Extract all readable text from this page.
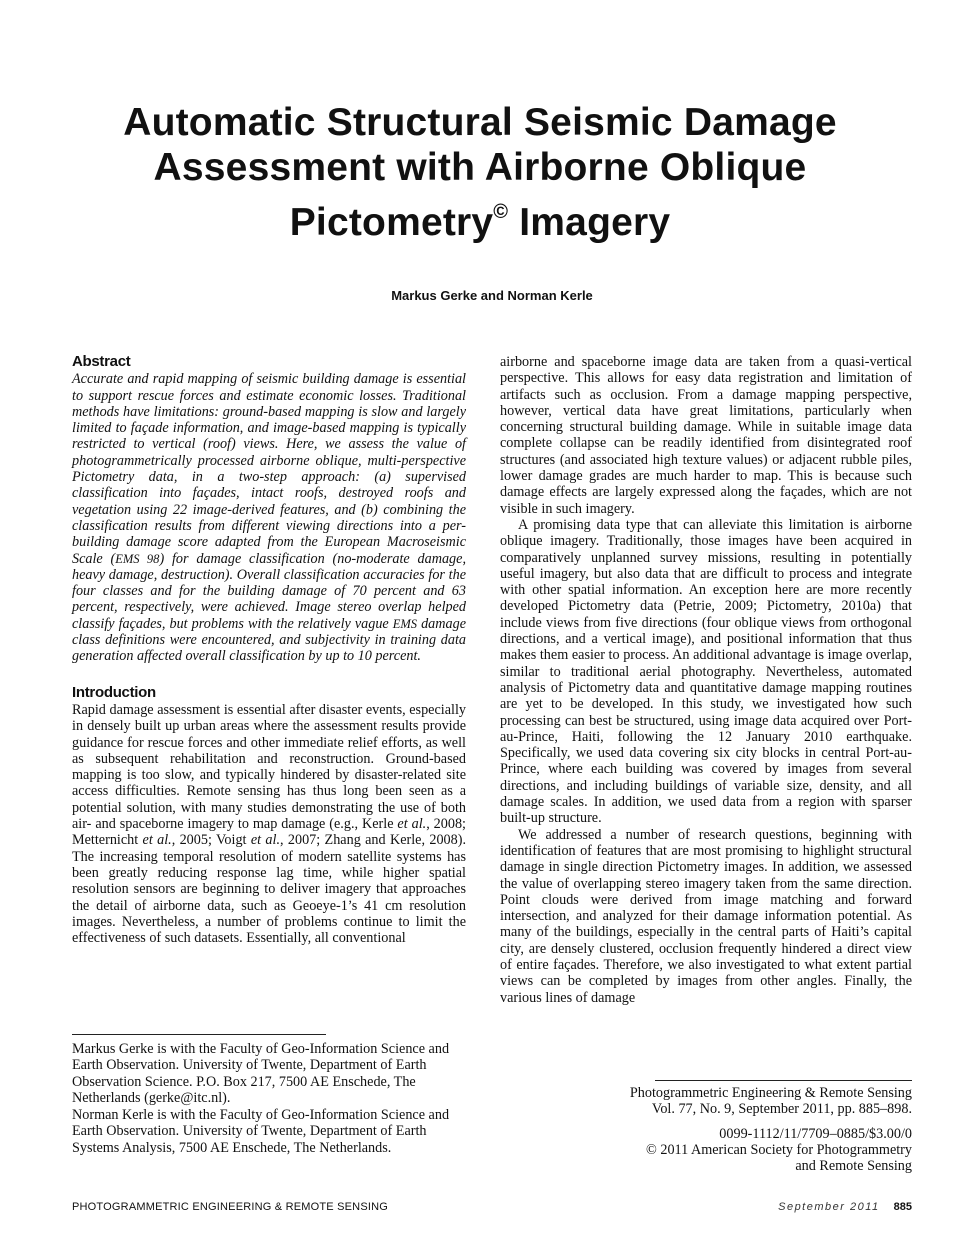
Automatic Structural Seismic Damage
Assessment with Airborne Oblique
Pictometry© Imagery
Markus Gerke and Norman Kerle
Abstract

Accurate and rapid mapping of seismic building damage is essential to support rescue forces and estimate economic losses. Traditional methods have limitations: ground-based mapping is slow and largely limited to façade information, and image-based mapping is typically restricted to vertical (roof) views. Here, we assess the value of photogrammetrically processed airborne oblique, multi-perspective Pictometry data, in a two-step approach: (a) supervised classification into façades, intact roofs, destroyed roofs and vegetation using 22 image-derived features, and (b) combining the classification results from different viewing directions into a per-building damage score adapted from the European Macroseismic Scale (EMS 98) for damage classification (no-moderate damage, heavy damage, destruction). Overall classification accuracies for the four classes and for the building damage of 70 percent and 63 percent, respectively, were achieved. Image stereo overlap helped classify façades, but problems with the relatively vague EMS damage class definitions were encountered, and subjectivity in training data generation affected overall classification by up to 10 percent.

Introduction

Rapid damage assessment is essential after disaster events, especially in densely built up urban areas where the assessment results provide guidance for rescue forces and other immediate relief efforts, as well as subsequent rehabilitation and reconstruction. Ground-based mapping is too slow, and typically hindered by disaster-related site access difficulties. Remote sensing has thus long been seen as a potential solution, with many studies demonstrating the use of both air- and spaceborne imagery to map damage (e.g., Kerle et al., 2008; Metternicht et al., 2005; Voigt et al., 2007; Zhang and Kerle, 2008). The increasing temporal resolution of modern satellite systems has been greatly reducing response lag time, while higher spatial resolution sensors are beginning to deliver imagery that approaches the detail of airborne data, such as Geoeye-1’s 41 cm resolution images. Nevertheless, a number of problems continue to limit the effectiveness of such datasets. Essentially, all conventional

airborne and spaceborne image data are taken from a quasi-vertical perspective. This allows for easy data registration and limitation of artifacts such as occlusion. From a damage mapping perspective, however, vertical data have great limitations, particularly when concerning structural building damage. While in suitable image data complete collapse can be readily identified from disintegrated roof structures (and associated high texture values) or adjacent rubble piles, lower damage grades are much harder to map. This is because such damage effects are largely expressed along the façades, which are not visible in such imagery.

A promising data type that can alleviate this limitation is airborne oblique imagery. Traditionally, those images have been acquired in comparatively unplanned survey missions, resulting in potentially useful imagery, but also data that are difficult to process and integrate with other spatial information. An exception here are more recently developed Pictometry data (Petrie, 2009; Pictometry, 2010a) that include views from five directions (four oblique views from orthogonal directions, and a vertical image), and positional information that thus makes them easier to process. An additional advantage is image overlap, similar to traditional aerial photography. Nevertheless, automated analysis of Pictometry data and quantitative damage mapping routines are yet to be developed. In this study, we investigated how such processing can best be structured, using image data acquired over Port-au-Prince, Haiti, following the 12 January 2010 earthquake. Specifically, we used data covering six city blocks in central Port-au-Prince, where each building was covered by images from several directions, and including buildings of variable size, density, and all damage scales. In addition, we used data from a region with sparser built-up structure.

We addressed a number of research questions, beginning with identification of features that are most promising to highlight structural damage in single direction Pictometry images. In addition, we assessed the value of overlapping stereo imagery taken from the same direction. Point clouds were derived from image matching and forward intersection, and analyzed for their damage information potential. As many of the buildings, especially in the central parts of Haiti’s capital city, are densely clustered, occlusion frequently hindered a direct view of entire façades. Therefore, we also investigated to what extent partial views can be completed by images from other angles. Finally, the various lines of damage

Markus Gerke is with the Faculty of Geo-Information Science and Earth Observation. University of Twente, Department of Earth Observation Science. P.O. Box 217, 7500 AE Enschede, The Netherlands (gerke@itc.nl).

Norman Kerle is with the Faculty of Geo-Information Science and Earth Observation. University of Twente, Department of Earth Systems Analysis, 7500 AE Enschede, The Netherlands.

Photogrammetric Engineering & Remote Sensing
Vol. 77, No. 9, September 2011, pp. 885–898.
0099-1112/11/7709–0885/$3.00/0
© 2011 American Society for Photogrammetry
and Remote Sensing
PHOTOGRAMMETRIC ENGINEERING & REMOTE SENSING	September 2011 885
